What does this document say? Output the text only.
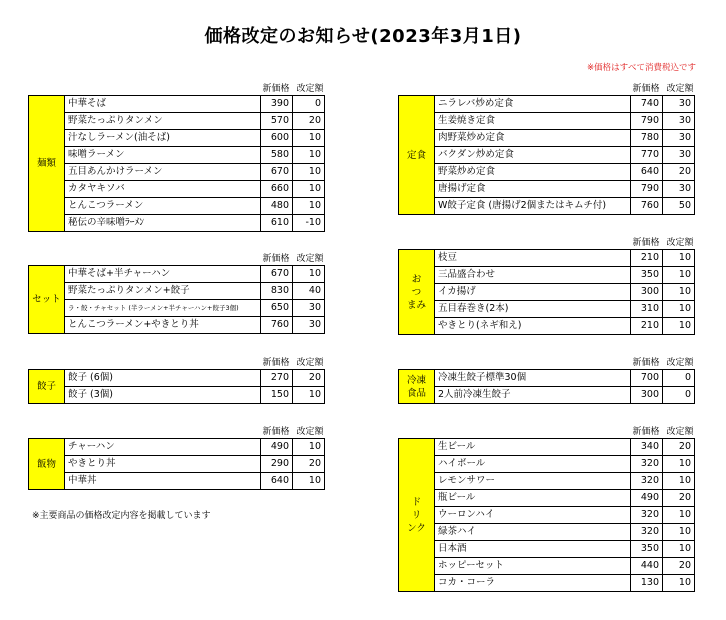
価格改定のお知らせ(2023年3月1日)
※価格はすべて消費税込です
※主要商品の価格改定内容を掲載しています
新価格 改定額
麺類	中華そば	390	0
	野菜たっぷりタンメン	570	20
	汁なしラーメン(油そば)	600	10
	味噌ラーメン	580	10
	五目あんかけラーメン	670	10
	カタヤキソバ	660	10
	とんこつラーメン	480	10
	秘伝の辛味噌ﾗｰﾒﾝ	610	-10
新価格 改定額
セット	中華そば+半チャーハン	670	10
	野菜たっぷりタンメン+餃子	830	40
	ラ・餃・チャセット (半ラーメン+半チャーハン+餃子3個)	650	30
	とんこつラーメン+やきとり丼	760	30
新価格 改定額
餃子	餃子 (6個)	270	20
	餃子 (3個)	150	10
新価格 改定額
飯物	チャーハン	490	10
	やきとり丼	290	20
	中華丼	640	10
新価格 改定額
定食	ニラレバ炒め定食	740	30
	生姜焼き定食	790	30
	肉野菜炒め定食	780	30
	バクダン炒め定食	770	30
	野菜炒め定食	640	20
	唐揚げ定食	790	30
	W餃子定食 (唐揚げ2個またはキムチ付)	760	50
新価格 改定額
お
つ
まみ	枝豆	210	10
	三品盛合わせ	350	10
	イカ揚げ	300	10
	五目春巻き(2本)	310	10
	やきとり(ネギ和え)	210	10
新価格 改定額
冷凍
食品	冷凍生餃子標準30個	700	0
	2人前冷凍生餃子	300	0
新価格 改定額
ド
リ
ンク	生ビール	340	20
	ハイボール	320	10
	レモンサワー	320	10
	瓶ビール	490	20
	ウーロンハイ	320	10
	緑茶ハイ	320	10
	日本酒	350	10
	ホッピーセット	440	20
	コカ・コーラ	130	10
